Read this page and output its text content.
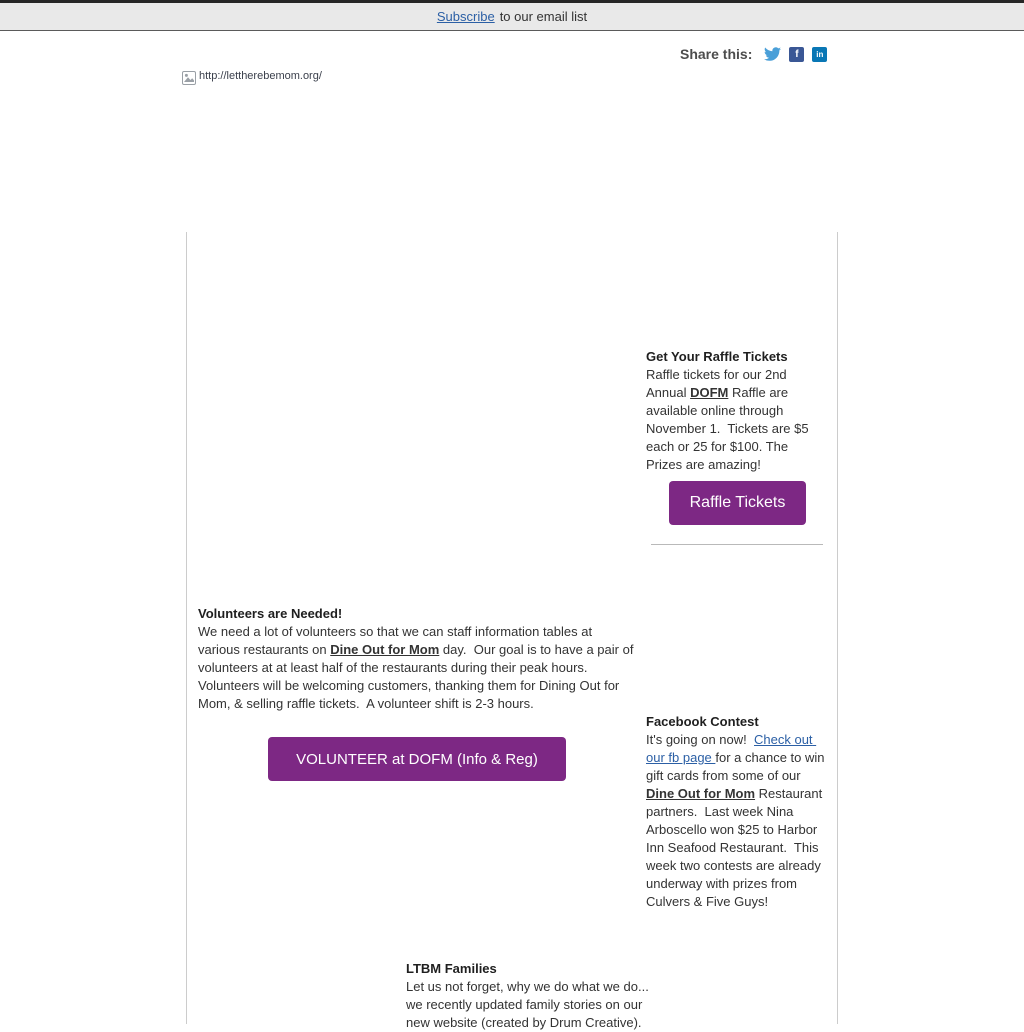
Subscribe to our email list
Share this:	f	in
http://lettherebemom.org/
Get Your Raffle Tickets

Raffle tickets for our 2nd Annual DOFM Raffle are available online through November 1.  Tickets are $5 each or 25 for $100. The Prizes are amazing!

Raffle Tickets
Volunteers are Needed!

We need a lot of volunteers so that we can staff information tables at various restaurants on Dine Out for Mom day.  Our goal is to have a pair of volunteers at at least half of the restaurants during their peak hours.  Volunteers will be welcoming customers, thanking them for Dining Out for Mom, & selling raffle tickets.  A volunteer shift is 2-3 hours.

VOLUNTEER at DOFM (Info & Reg)
Facebook Contest

It's going on now!  Check out our fb page for a chance to win gift cards from some of our Dine Out for Mom Restaurant partners.  Last week Nina Arboscello won $25 to Harbor Inn Seafood Restaurant.  This week two contests are already underway with prizes from Culvers & Five Guys!

LTBM Families

Let us not forget, why we do what we do... we recently updated family stories on our new website (created by Drum Creative).
